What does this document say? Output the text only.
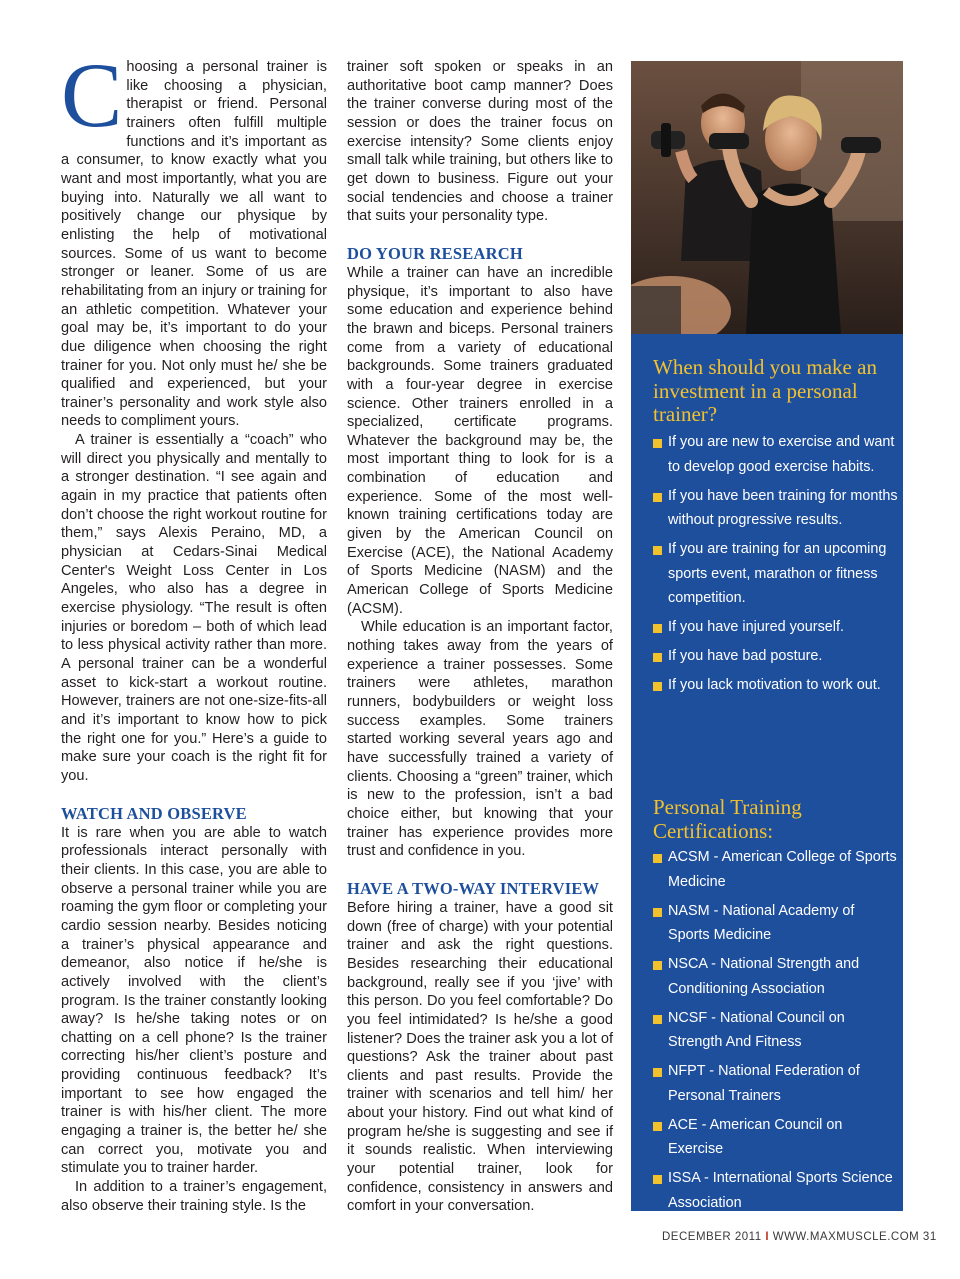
Choosing a personal trainer is like choosing a physician, therapist or friend. Personal trainers often fulfill multiple functions and it’s important as a consumer, to know exactly what you want and most importantly, what you are buying into. Naturally we all want to positively change our physique by enlisting the help of motivational sources. Some of us want to become stronger or leaner. Some of us are rehabilitating from an injury or training for an athletic competition. Whatever your goal may be, it’s important to do your due diligence when choosing the right trainer for you. Not only must he/ she be qualified and experienced, but your trainer’s personality and work style also needs to compliment yours.

A trainer is essentially a “coach” who will direct you physically and mentally to a stronger destination. “I see again and again in my practice that patients often don’t choose the right workout routine for them,” says Alexis Peraino, MD, a physician at Cedars-Sinai Medical Center's Weight Loss Center in Los Angeles, who also has a degree in exercise physiology. “The result is often injuries or boredom – both of which lead to less physical activity rather than more. A personal trainer can be a wonderful asset to kick-start a workout routine. However, trainers are not one-size-fits-all and it’s important to know how to pick the right one for you.” Here’s a guide to make sure your coach is the right fit for you.

WATCH AND OBSERVE

It is rare when you are able to watch professionals interact personally with their clients. In this case, you are able to observe a personal trainer while you are roaming the gym floor or completing your cardio session nearby. Besides noticing a trainer’s physical appearance and demeanor, also notice if he/she is actively involved with the client’s program. Is the trainer constantly looking away? Is he/she taking notes or on chatting on a cell phone? Is the trainer correcting his/her client’s posture and providing continuous feedback? It’s important to see how engaged the trainer is with his/her client. The more engaging a trainer is, the better he/ she can correct you, motivate you and stimulate you to trainer harder.

In addition to a trainer’s engagement, also observe their training style. Is the

trainer soft spoken or speaks in an authoritative boot camp manner? Does the trainer converse during most of the session or does the trainer focus on exercise intensity? Some clients enjoy small talk while training, but others like to get down to business. Figure out your social tendencies and choose a trainer that suits your personality type.

DO YOUR RESEARCH

While a trainer can have an incredible physique, it’s important to also have some education and experience behind the brawn and biceps. Personal trainers come from a variety of educational backgrounds. Some trainers graduated with a four-year degree in exercise science. Other trainers enrolled in a specialized, certificate programs. Whatever the background may be, the most important thing to look for is a combination of education and experience. Some of the most well-known training certifications today are given by the American Council on Exercise (ACE), the National Academy of Sports Medicine (NASM) and the American College of Sports Medicine (ACSM).

While education is an important factor, nothing takes away from the years of experience a trainer possesses. Some trainers were athletes, marathon runners, bodybuilders or weight loss success examples. Some trainers started working several years ago and have successfully trained a variety of clients. Choosing a “green” trainer, which is new to the profession, isn’t a bad choice either, but knowing that your trainer has experience provides more trust and confidence in you.

HAVE A TWO-WAY INTERVIEW

Before hiring a trainer, have a good sit down (free of charge) with your potential trainer and ask the right questions. Besides researching their educational background, really see if you ‘jive’ with this person. Do you feel comfortable? Do you feel intimidated? Is he/she a good listener? Does the trainer ask you a lot of questions? Ask the trainer about past clients and past results. Provide the trainer with scenarios and tell him/ her about your history. Find out what kind of program he/she is suggesting and see if it sounds realistic. When interviewing your potential trainer, look for confidence, consistency in answers and comfort in your conversation.

When should you make an investment in a personal trainer?
If you are new to exercise and want to develop good exercise habits.
If you have been training for months without progressive results.
If you are training for an upcoming sports event, marathon or fitness competition.
If you have injured yourself.
If you have bad posture.
If you lack motivation to work out.
Personal Training Certifications:
ACSM - American College of Sports Medicine
NASM - National Academy of Sports Medicine
NSCA - National Strength and Conditioning Association
NCSF - National Council on Strength And Fitness
NFPT - National Federation of Personal Trainers
ACE - American Council on Exercise
ISSA - International Sports Science Association
DECEMBER 2011 I WWW.MAXMUSCLE.COM 31
